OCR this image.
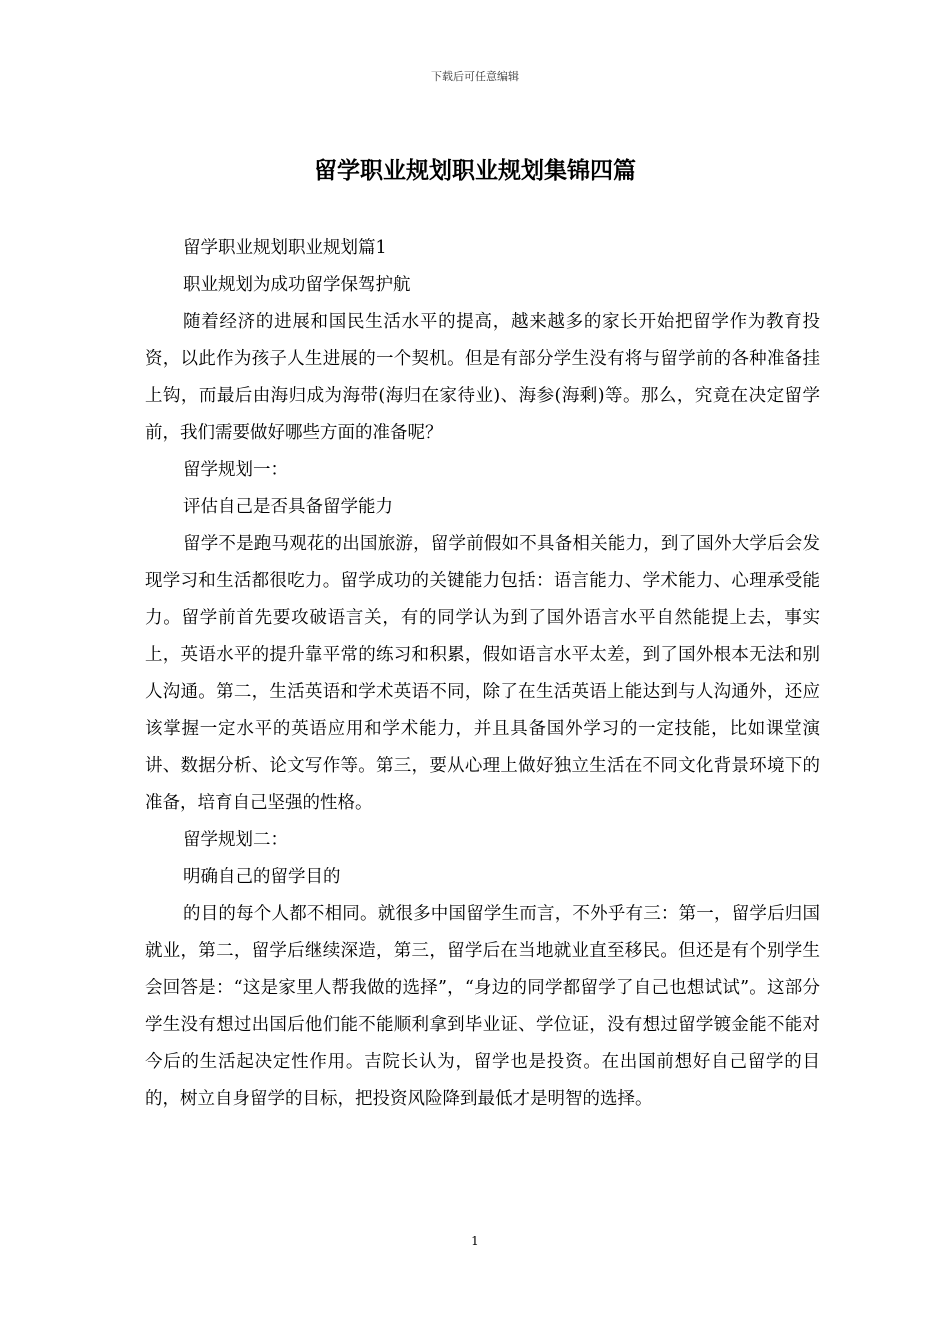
下载后可任意编辑
留学职业规划职业规划集锦四篇

留学职业规划职业规划篇1

职业规划为成功留学保驾护航

随着经济的进展和国民生活水平的提高，越来越多的家长开始把留学作为教育投资，以此作为孩子人生进展的一个契机。但是有部分学生没有将与留学前的各种准备挂上钩，而最后由海归成为海带(海归在家待业)、海参(海剩)等。那么，究竟在决定留学前，我们需要做好哪些方面的准备呢？

留学规划一：

评估自己是否具备留学能力

留学不是跑马观花的出国旅游，留学前假如不具备相关能力，到了国外大学后会发现学习和生活都很吃力。留学成功的关键能力包括：语言能力、学术能力、心理承受能力。留学前首先要攻破语言关，有的同学认为到了国外语言水平自然能提上去，事实上，英语水平的提升靠平常的练习和积累，假如语言水平太差，到了国外根本无法和别人沟通。第二，生活英语和学术英语不同，除了在生活英语上能达到与人沟通外，还应该掌握一定水平的英语应用和学术能力，并且具备国外学习的一定技能，比如课堂演讲、数据分析、论文写作等。第三，要从心理上做好独立生活在不同文化背景环境下的准备，培育自己坚强的性格。

留学规划二：

明确自己的留学目的

的目的每个人都不相同。就很多中国留学生而言，不外乎有三：第一，留学后归国就业，第二，留学后继续深造，第三，留学后在当地就业直至移民。但还是有个别学生会回答是：“这是家里人帮我做的选择”，“身边的同学都留学了自己也想试试”。这部分学生没有想过出国后他们能不能顺利拿到毕业证、学位证，没有想过留学镀金能不能对今后的生活起决定性作用。吉院长认为，留学也是投资。在出国前想好自己留学的目的，树立自身留学的目标，把投资风险降到最低才是明智的选择。

1
